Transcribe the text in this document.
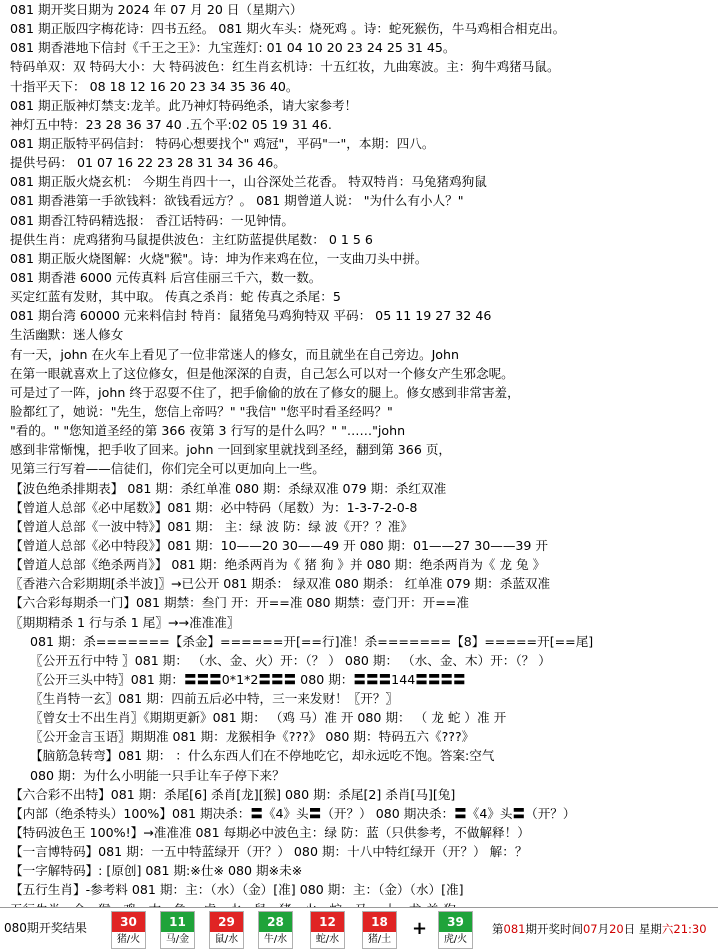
081 期开奖日期为 2024 年 07 月 20 日（星期六）
081 期正版四字梅花诗：四书五经。 081 期火车头：烧死鸡 。诗：蛇死猴伤，牛马鸡相合相克出。
081 期香港地下信封《千王之王》：九宝莲灯: 01 04 10 20 23 24 25 31 45。
特码单双：双 特码大小：大 特码波色：红生肖玄机诗：十五红妆，九曲寒波。主：狗牛鸡猪马鼠。
十指平天下： 08 18 12 16 20 23 34 35 36 40。
081 期正版神灯禁支:龙羊。此乃神灯特码绝杀，请大家参考！
神灯五中特：23 28 36 37 40 .五个平:02 05 19 31 46.
081 期正版特平码信封： 特码心想要找个" 鸡冠"，平码"一"，本期：四八。
提供号码： 01 07 16 22 23 28 31 34 36 46。
081 期正版火烧玄机： 今期生肖四十一，山谷深处兰花香。 特双特肖：马兔猪鸡狗鼠
081 期香港第一手欲钱料：欲钱看远方？。 081 期曾道人说： "为什么有小人？"
081 期香江特码精选报： 香江话特码：一见钟情。
提供生肖：虎鸡猪狗马鼠提供波色：主红防蓝提供尾数： 0 1 5 6
081 期正版火烧图解：火烧"猴"。诗：坤为作来鸡在位，一支曲刀头中拼。
081 期香港 6000 元传真料 后宫佳丽三千六，数一数。
买定红蓝有发财，其中取。 传真之杀肖：蛇 传真之杀尾：5
081 期台湾 60000 元来料信封 特肖：鼠猪兔马鸡狗特双 平码： 05 11 19 27 32 46
生活幽默：迷人修女
有一天，john 在火车上看见了一位非常迷人的修女，而且就坐在自己旁边。John
在第一眼就喜欢上了这位修女，但是他深深的自责，自己怎么可以对一个修女产生邪念呢。
可是过了一阵，john 终于忍耍不住了，把手偷偷的放在了修女的腿上。修女感到非常害羞，
脸都红了，她说："先生，您信上帝吗？" "我信" "您平时看圣经吗？"
"看的。" "您知道圣经的第 366 夜第 3 行写的是什么吗？" "……"john
感到非常惭愧，把手收了回来。john 一回到家里就找到圣经，翻到第 366 页，
见第三行写着——信徒们，你们完全可以更加向上一些。
【波色绝杀排期表】 081 期：杀红单准 080 期：杀绿双准 079 期：杀红双准
【曾道人总部《必中尾数》】081 期：必中特码（尾数）为：1-3-7-2-0-8
【曾道人总部《一波中特》】081 期： 主：绿 波 防：绿 波《开？？准》
【曾道人总部《必中特段》】081 期：10——20 30——49 开 080 期：01——27 30——39 开
【曾道人总部《绝杀两肖》】 081 期：绝杀两肖为《 猪 狗 》并 080 期：绝杀两肖为《 龙 兔 》
〖香港六合彩期期[杀半波]〗→已公开 081 期杀： 绿双准 080 期杀： 红单准 079 期：杀蓝双准
【六合彩每期杀一门】081 期禁：叁门 开：开==准 080 期禁：壹门开：开==准
〖期期精杀 1 行与杀 1 尾〗→→准准准〗
081 期：杀=======【杀金】======开[==行]准！杀=======【8】=====开[==尾]
〖公开五行中特 〗081 期： （水、金、火）开：（？ ） 080 期： （水、金、木）开：（？ ）
〖公开三头中特〗081 期：〓〓〓0*1*2〓〓〓 080 期：〓〓〓144〓〓〓〓
〖生肖特一玄〗081 期：四前五后必中特，三一来发财！〖开？〗
〖曾女士不出生肖〗《期期更新》081 期： （鸡 马）准 开 080 期： （ 龙 蛇 ）准 开
〖公开金言玉语〗期期准 081 期：龙猴相争《???》 080 期：特码五六《???》
【脑筋急转弯】081 期： ：什么东西人们在不停地吃它，却永远吃不饱。答案:空气
080 期：为什么小明能一只手让车子停下来？
【六合彩不出特】081 期：杀尾[6] 杀肖[龙][猴] 080 期：杀尾[2] 杀肖[马][兔]
【内部（绝杀特头）100%】081 期决杀：〓《4》头〓（开？） 080 期决杀：〓《4》头〓（开？）
【特码波色王 100%!】→准准准 081 每期必中波色主：绿 防：蓝（只供参考，不做解释！）
【一言博特码】081 期：一五中特蓝绿开（开？） 080 期：十八中特红绿开（开？） 解：？
【一字解特码】: [原创] 081 期:※仕※ 080 期※未※
【五行生肖】-参考料 081 期：主：（水）（金）[准] 080 期：主：（金）（水）[准]
080期开奖结果	30
猪/火
11
马/金
29
鼠/水
28
牛/水
12
蛇/水
18
猪/土
+	39
虎/火
第081期开奖时间07月20日 星期六21:30
